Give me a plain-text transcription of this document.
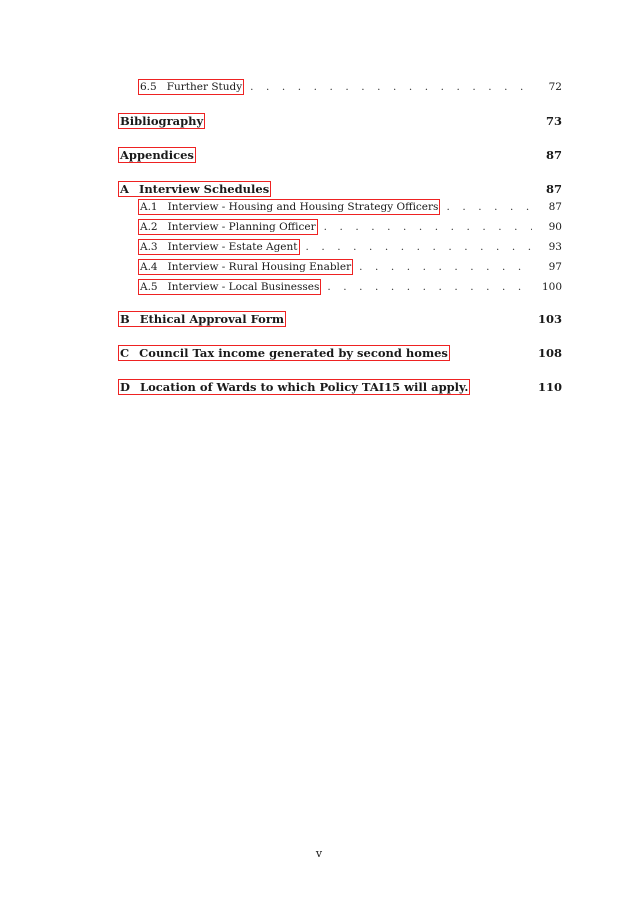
6.5 Further Study . . .	72
Bibliography	73
Appendices	87
A Interview Schedules	87
A.1 Interview - Housing and Housing Strategy Officers . . .	87
A.2 Interview - Planning Officer . . .	90
A.3 Interview - Estate Agent . . .	93
A.4 Interview - Rural Housing Enabler . . .	97
A.5 Interview - Local Businesses . . .	100
B Ethical Approval Form	103
C Council Tax income generated by second homes	108
D Location of Wards to which Policy TAI15 will apply.	110
v
